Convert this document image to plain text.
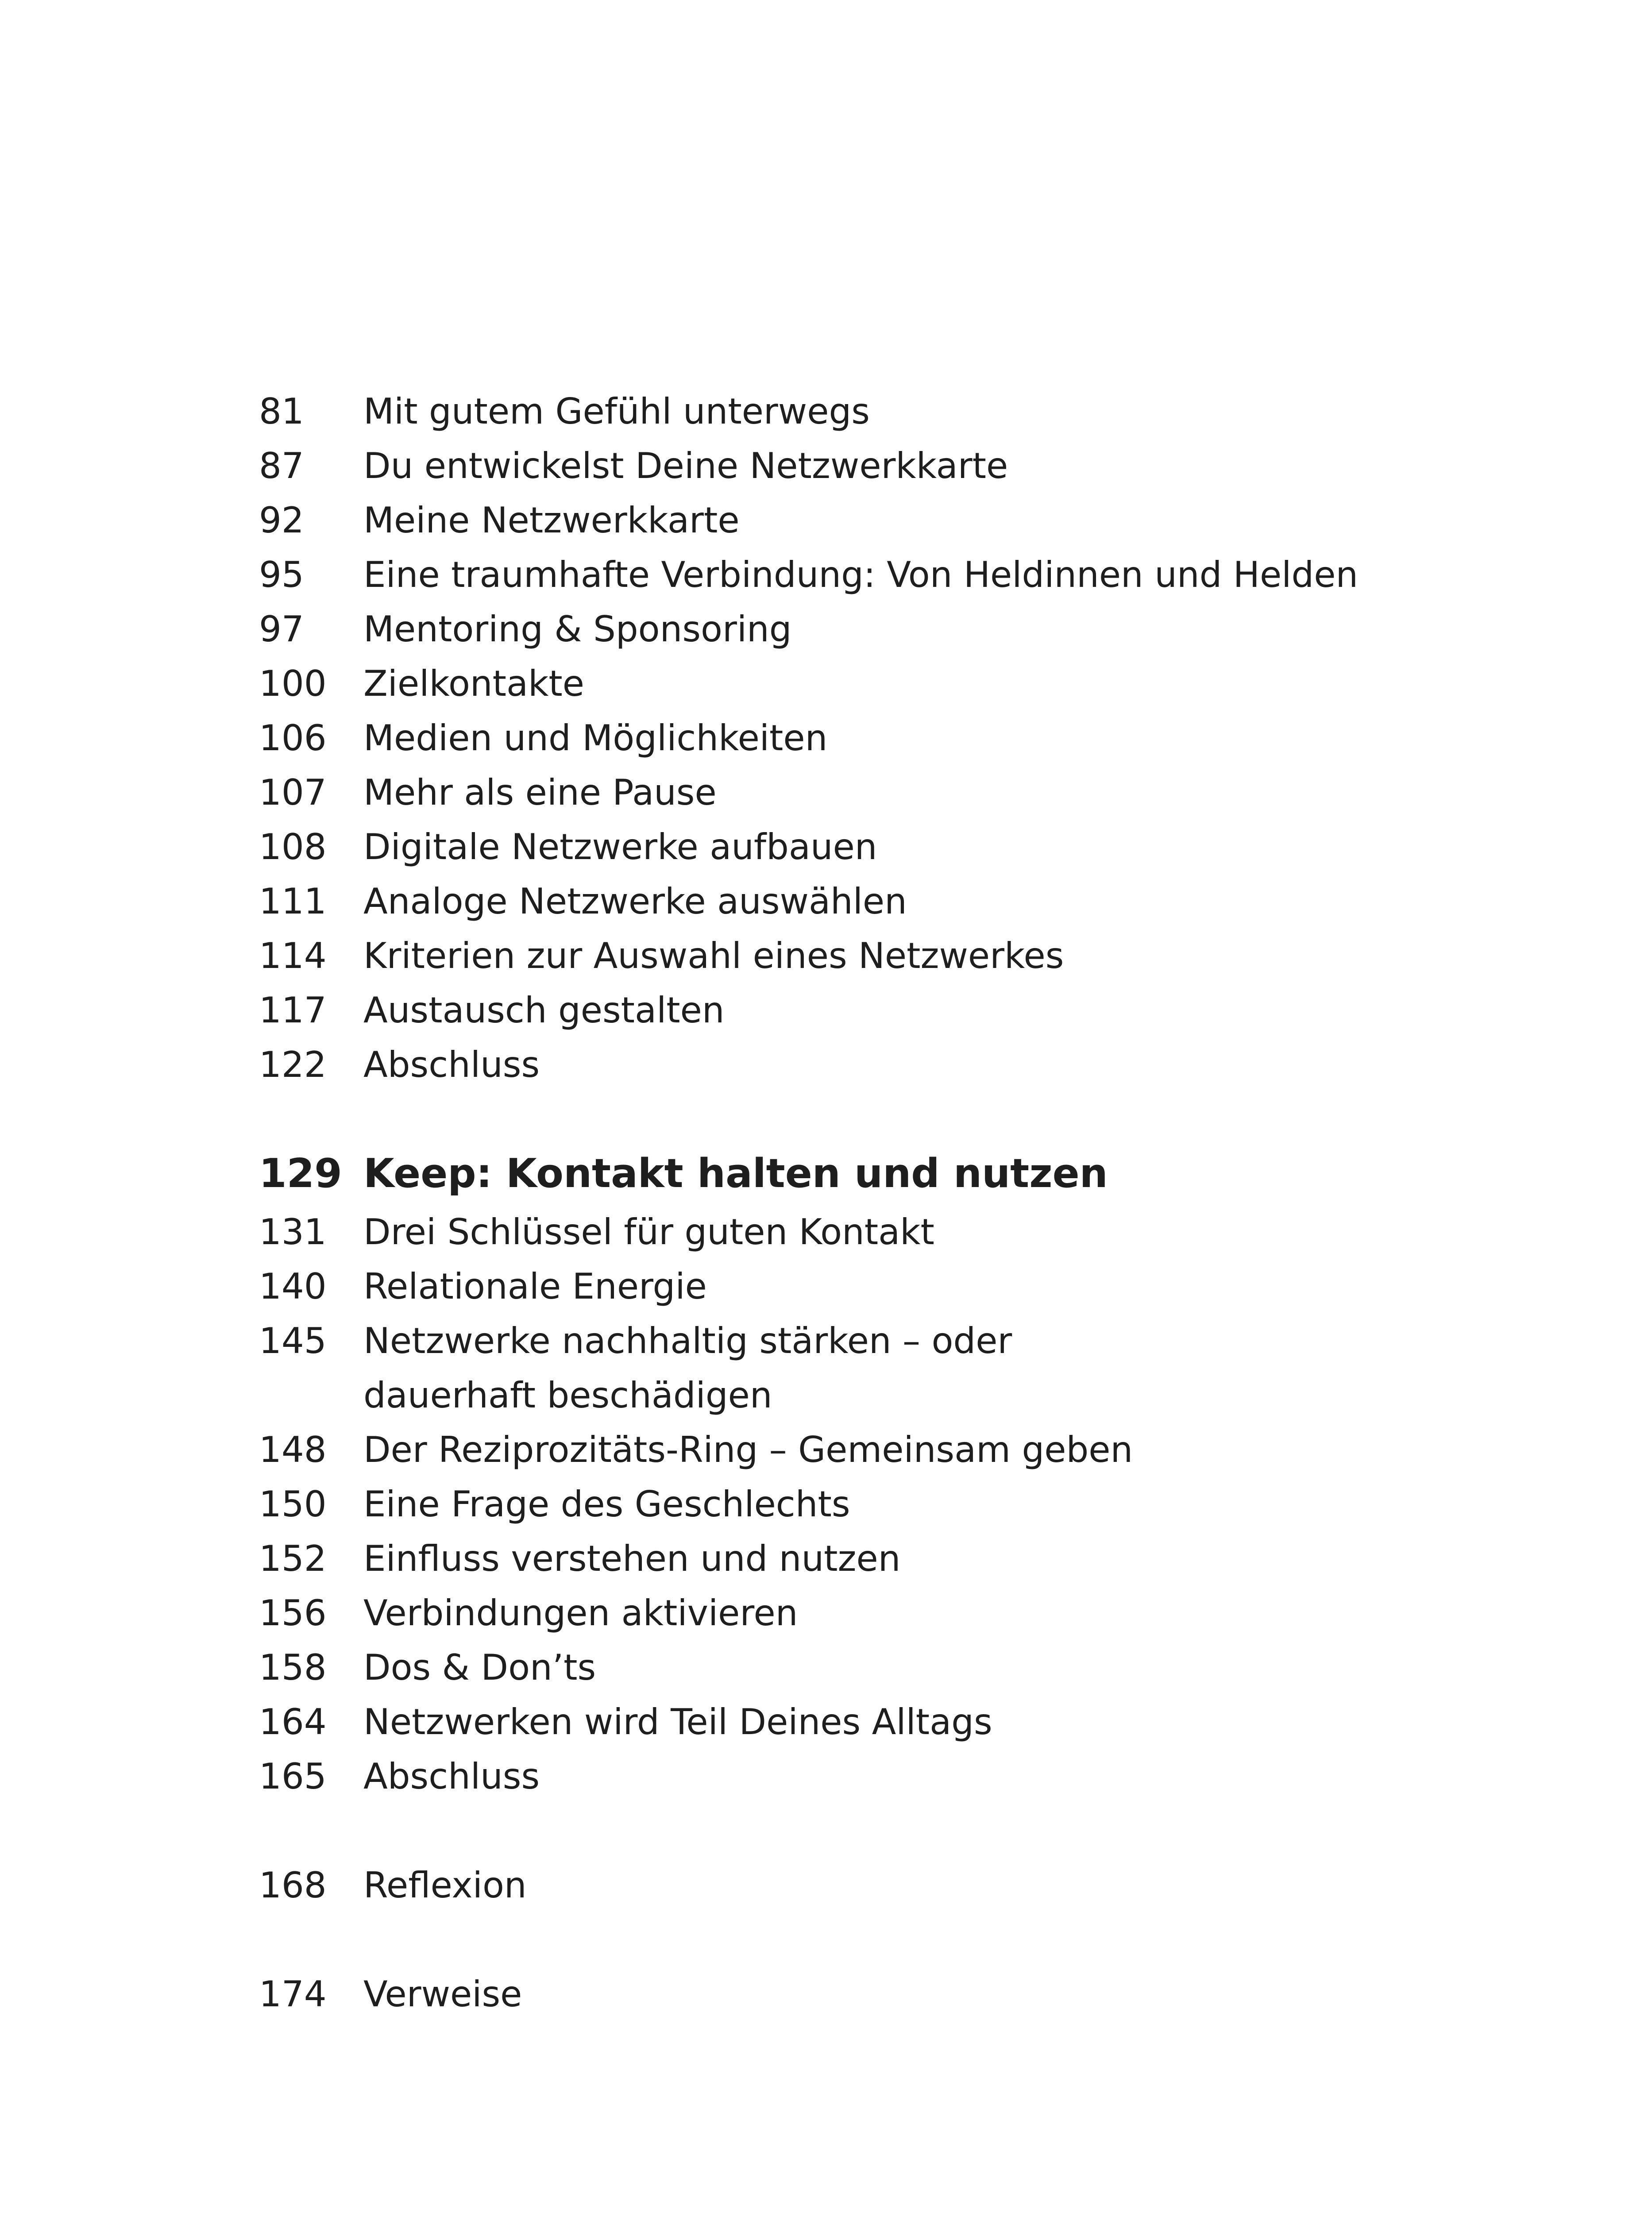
81 Mit gutem Gefühl unterwegs
87 Du entwickelst Deine Netzwerkkarte
92 Meine Netzwerkkarte
95 Eine traumhafte Verbindung: Von Heldinnen und Helden
97 Mentoring & Sponsoring
100 Zielkontakte
106 Medien und Möglichkeiten
107 Mehr als eine Pause
108 Digitale Netzwerke aufbauen
111 Analoge Netzwerke auswählen
114 Kriterien zur Auswahl eines Netzwerkes
117 Austausch gestalten
122 Abschluss
129 Keep: Kontakt halten und nutzen
131 Drei Schlüssel für guten Kontakt
140 Relationale Energie
145 Netzwerke nachhaltig stärken – oder
dauerhaft beschädigen
148 Der Reziprozitäts-Ring – Gemeinsam geben
150 Eine Frage des Geschlechts
152 Einfluss verstehen und nutzen
156 Verbindungen aktivieren
158 Dos & Don’ts
164 Netzwerken wird Teil Deines Alltags
165 Abschluss
168 Reflexion
174 Verweise
